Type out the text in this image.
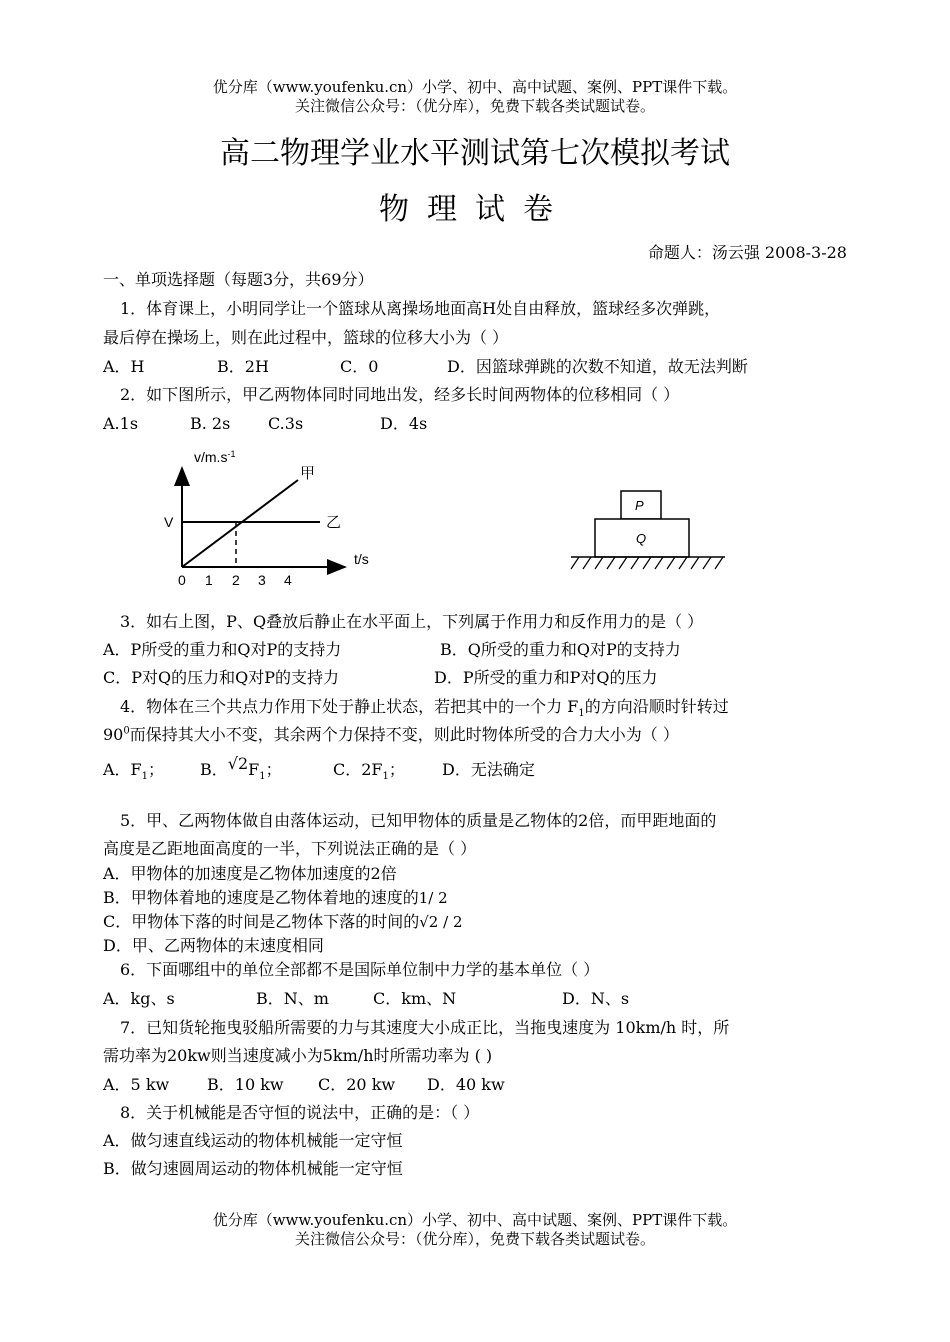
优分库（www.youfenku.cn）小学、初中、高中试题、案例、PPT课件下载。
关注微信公众号：（优分库），免费下载各类试题试卷。
高二物理学业水平测试第七次模拟考试
物理试卷
命题人：汤云强 2008-3-28
一、单项选择题（每题3分，共69分）
1．体育课上，小明同学让一个篮球从离操场地面高H处自由释放，篮球经多次弹跳，
最后停在操场上，则在此过程中，篮球的位移大小为（ ）
A．H	B．2H	C．0	D．因篮球弹跳的次数不知道，故无法判断
2．如下图所示，甲乙两物体同时同地出发，经多长时间两物体的位移相同（ ）
A.1s	B. 2s C.3s	D．4s
$v/m.s^{-1}$
t/s
V
甲
乙
0 1 2 3 4
P
Q
3．如右上图，P、Q叠放后静止在水平面上，下列属于作用力和反作用力的是（ ）
A．P所受的重力和Q对P的支持力	B．Q所受的重力和Q对P的支持力
C．P对Q的压力和Q对P的支持力	D．P所受的重力和P对Q的压力
4．物体在三个共点力作用下处于静止状态，若把其中的一个力 $F_1$的方向沿顺时针转过
$90^0$而保持其大小不变，其余两个力保持不变，则此时物体所受的合力大小为（ ）
A．$F_1$； B．$√2F_1$；	C．$2F_1$； D．无法确定
5．甲、乙两物体做自由落体运动，已知甲物体的质量是乙物体的2倍，而甲距地面的
高度是乙距地面高度的一半，下列说法正确的是（ ）
A．甲物体的加速度是乙物体加速度的2倍
B．甲物体着地的速度是乙物体着地的速度的1/ 2
C．甲物体下落的时间是乙物体下落的时间的√2 / 2
D．甲、乙两物体的末速度相同
6．下面哪组中的单位全部都不是国际单位制中力学的基本单位（ ）
A．kg、s	B．N、m	C．km、N	D．N、s
7．已知货轮拖曳驳船所需要的力与其速度大小成正比，当拖曳速度为 10km/h 时，所
需功率为20kw则当速度减小为5km/h时所需功率为 ( )
A．5 kw B．10 kw C．20 kw D．40 kw
8．关于机械能是否守恒的说法中，正确的是：（ ）
A．做匀速直线运动的物体机械能一定守恒
B．做匀速圆周运动的物体机械能一定守恒
优分库（www.youfenku.cn）小学、初中、高中试题、案例、PPT课件下载。
关注微信公众号：（优分库），免费下载各类试题试卷。
